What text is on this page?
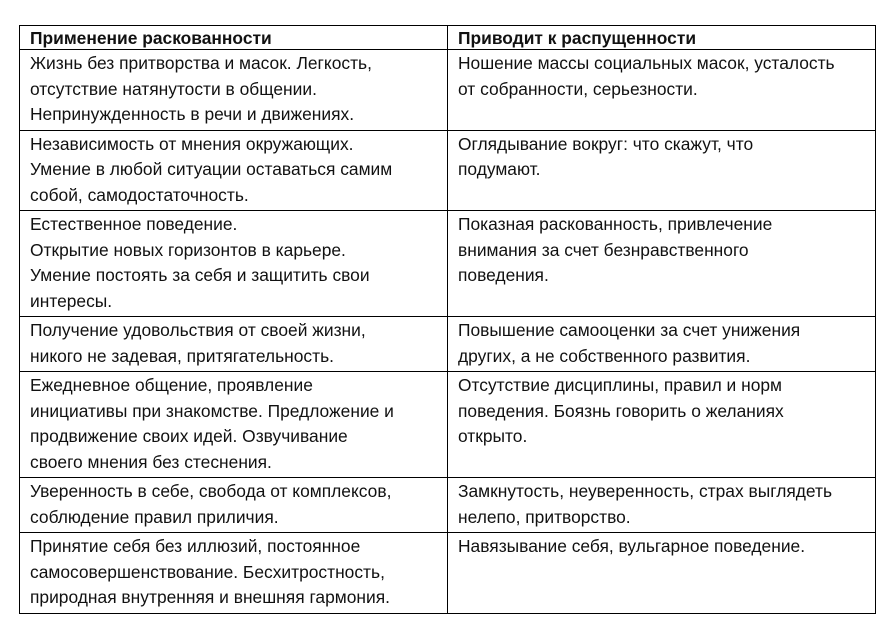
Применение раскованности	Приводит к распущенности

Жизнь без притворства и масок. Легкость,
отсутствие натянутости в общении.
Непринужденность в речи и движениях.	Ношение массы социальных масок, усталость
от собранности, серьезности.

Независимость от мнения окружающих.
Умение в любой ситуации оставаться самим
собой, самодостаточность.	Оглядывание вокруг: что скажут, что
подумают.

Естественное поведение.
Открытие новых горизонтов в карьере.
Умение постоять за себя и защитить свои
интересы.	Показная раскованность, привлечение
внимания за счет безнравственного
поведения.

Получение удовольствия от своей жизни,
никого не задевая, притягательность.	Повышение самооценки за счет унижения
других, а не собственного развития.

Ежедневное общение, проявление
инициативы при знакомстве. Предложение и
продвижение своих идей. Озвучивание
своего мнения без стеснения.	Отсутствие дисциплины, правил и норм
поведения. Боязнь говорить о желаниях
открыто.

Уверенность в себе, свобода от комплексов,
соблюдение правил приличия.	Замкнутость, неуверенность, страх выглядеть
нелепо, притворство.

Принятие себя без иллюзий, постоянное
самосовершенствование. Бесхитростность,
природная внутренняя и внешняя гармония.	Навязывание себя, вульгарное поведение.
